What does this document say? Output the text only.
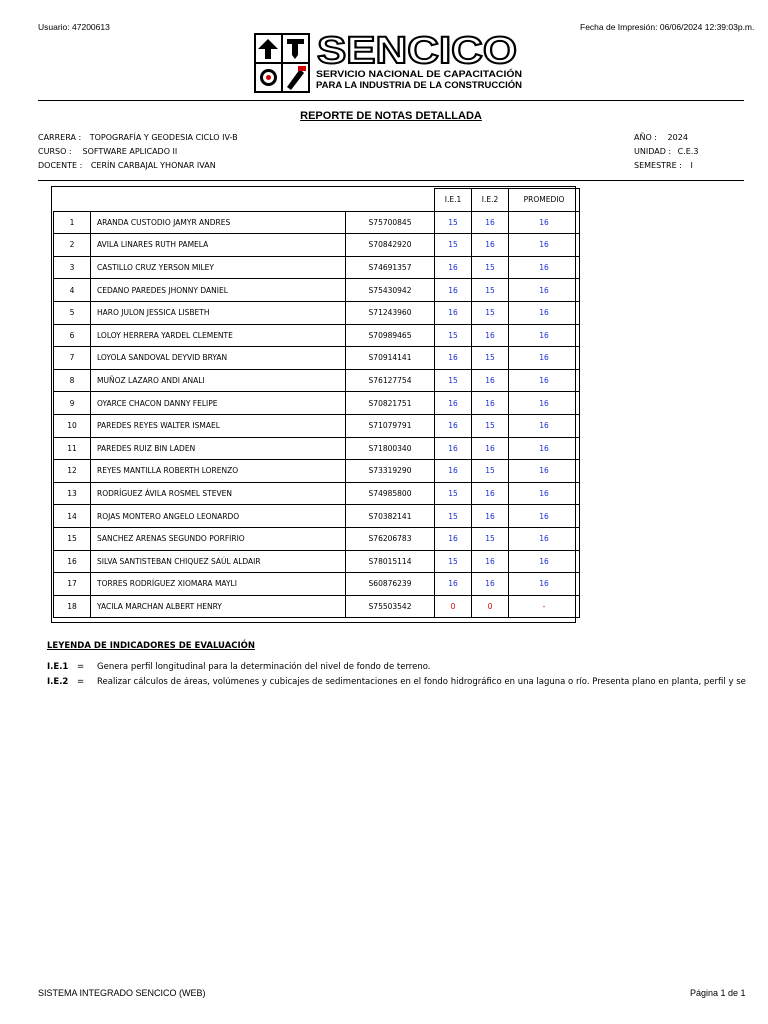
Usuario: 47200613	Fecha de Impresión: 06/06/2024 12:39:03p.m.
SENCICO
SERVICIO NACIONAL DE CAPACITACIÓN
PARA LA INDUSTRIA DE LA CONSTRUCCIÓN
REPORTE DE NOTAS DETALLADA
CARRERA : TOPOGRAFÍA Y GEODESIA CICLO IV-B
CURSO : SOFTWARE APLICADO II
DOCENTE : CERÍN CARBAJAL YHONAR IVAN
AÑO : 2024
UNIDAD : C.E.3
SEMESTRE : I
			I.E.1	I.E.2	PROMEDIO
1	ARANDA CUSTODIO JAMYR ANDRES	S75700845	15	16	16
2	AVILA LINARES RUTH PAMELA	S70842920	15	16	16
3	CASTILLO CRUZ YERSON MILEY	S74691357	16	15	16
4	CEDANO PAREDES JHONNY DANIEL	S75430942	16	15	16
5	HARO JULON JESSICA LISBETH	S71243960	16	15	16
6	LOLOY HERRERA YARDEL CLEMENTE	S70989465	15	16	16
7	LOYOLA SANDOVAL DEYVID BRYAN	S70914141	16	15	16
8	MUÑOZ LAZARO ANDI ANALI	S76127754	15	16	16
9	OYARCE CHACON DANNY FELIPE	S70821751	16	16	16
10	PAREDES REYES WALTER ISMAEL	S71079791	16	15	16
11	PAREDES RUIZ BIN LADEN	S71800340	16	16	16
12	REYES MANTILLA ROBERTH LORENZO	S73319290	16	15	16
13	RODRÍGUEZ ÁVILA ROSMEL STEVEN	S74985800	15	16	16
14	ROJAS MONTERO ANGELO LEONARDO	S70382141	15	16	16
15	SANCHEZ ARENAS SEGUNDO PORFIRIO	S76206783	16	15	16
16	SILVA SANTISTEBAN CHIQUEZ SAÚL ALDAIR	S78015114	15	16	16
17	TORRES RODRÍGUEZ XIOMARA MAYLI	S60876239	16	16	16
18	YACILA MARCHAN ALBERT HENRY	S75503542	0	0	-
LEYENDA DE INDICADORES DE EVALUACIÓN
I.E.1 = Genera perfil longitudinal para la determinación del nivel de fondo de terreno.
I.E.2 = Realizar cálculos de áreas, volúmenes y cubicajes de sedimentaciones en el fondo hidrográfico en una laguna o río. Presenta plano en planta, perfil y se
SISTEMA INTEGRADO SENCICO (WEB)	Página 1 de 1
